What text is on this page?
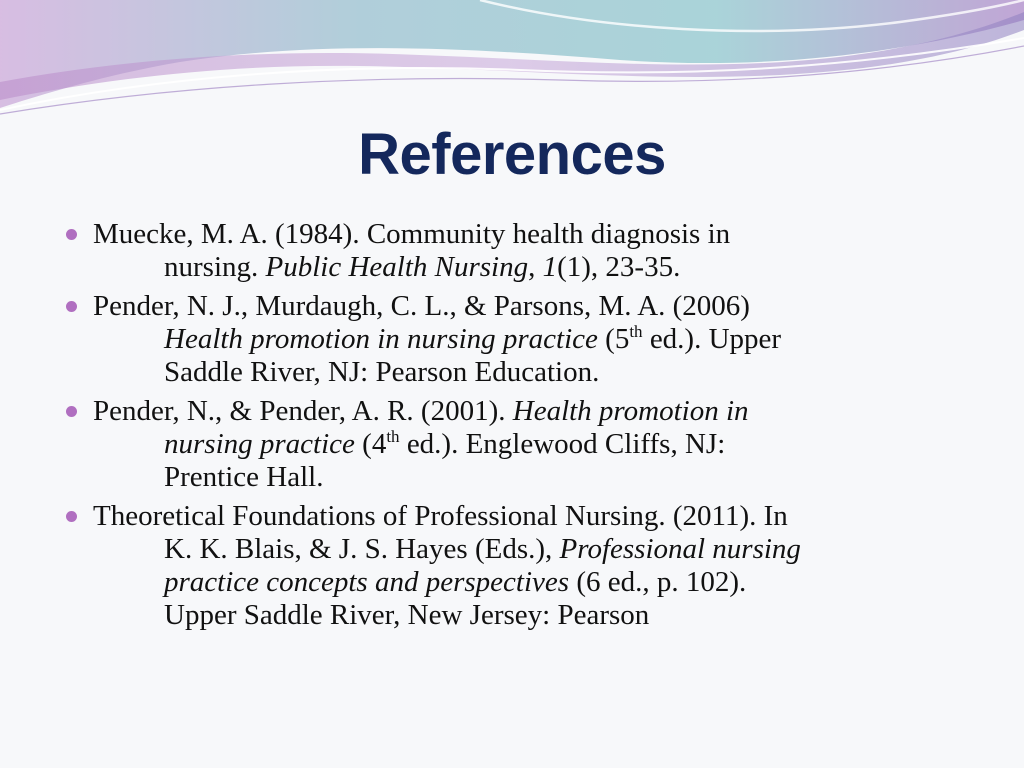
References
Muecke, M. A. (1984). Community health diagnosis in
nursing. Public Health Nursing, 1(1), 23-35.
Pender, N. J., Murdaugh, C. L., & Parsons, M. A. (2006)
Health promotion in nursing practice (5th ed.). Upper
Saddle River, NJ: Pearson Education.
Pender, N., & Pender, A. R. (2001). Health promotion in
nursing practice (4th ed.). Englewood Cliffs, NJ:
Prentice Hall.
Theoretical Foundations of Professional Nursing. (2011). In
K. K. Blais, & J. S. Hayes (Eds.), Professional nursing
practice concepts and perspectives (6 ed., p. 102).
Upper Saddle River, New Jersey: Pearson
